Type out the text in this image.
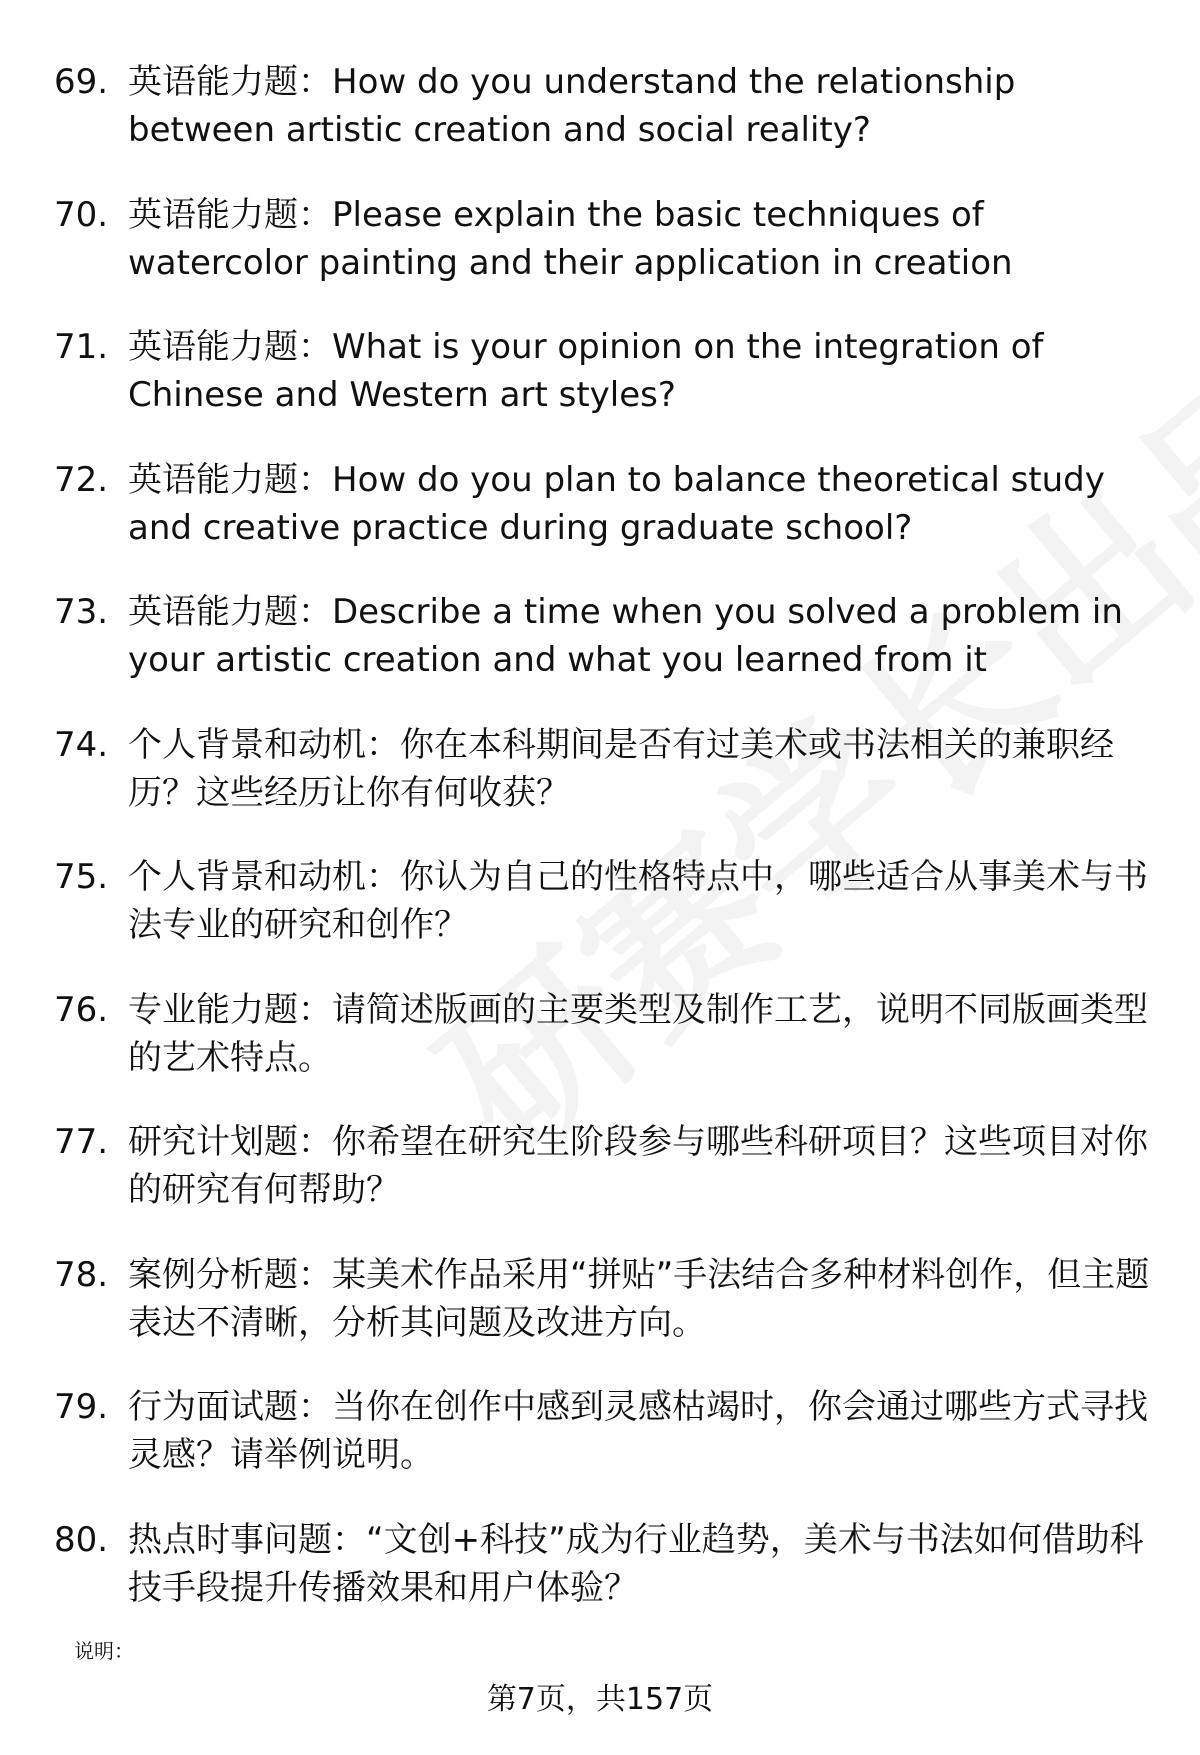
69. 英语能力题：How do you understand the relationship between artistic creation and social reality?
70. 英语能力题：Please explain the basic techniques of watercolor painting and their application in creation
71. 英语能力题：What is your opinion on the integration of Chinese and Western art styles?
72. 英语能力题：How do you plan to balance theoretical study and creative practice during graduate school?
73. 英语能力题：Describe a time when you solved a problem in your artistic creation and what you learned from it
74. 个人背景和动机：你在本科期间是否有过美术或书法相关的兼职经历？这些经历让你有何收获？
75. 个人背景和动机：你认为自己的性格特点中，哪些适合从事美术与书法专业的研究和创作？
76. 专业能力题：请简述版画的主要类型及制作工艺，说明不同版画类型的艺术特点。
77. 研究计划题：你希望在研究生阶段参与哪些科研项目？这些项目对你的研究有何帮助？
78. 案例分析题：某美术作品采用“拼贴”手法结合多种材料创作，但主题表达不清晰，分析其问题及改进方向。
79. 行为面试题：当你在创作中感到灵感枯竭时，你会通过哪些方式寻找灵感？请举例说明。
80. 热点时事问题：“文创+科技”成为行业趋势，美术与书法如何借助科技手段提升传播效果和用户体验？
说明：
第7页，共157页
